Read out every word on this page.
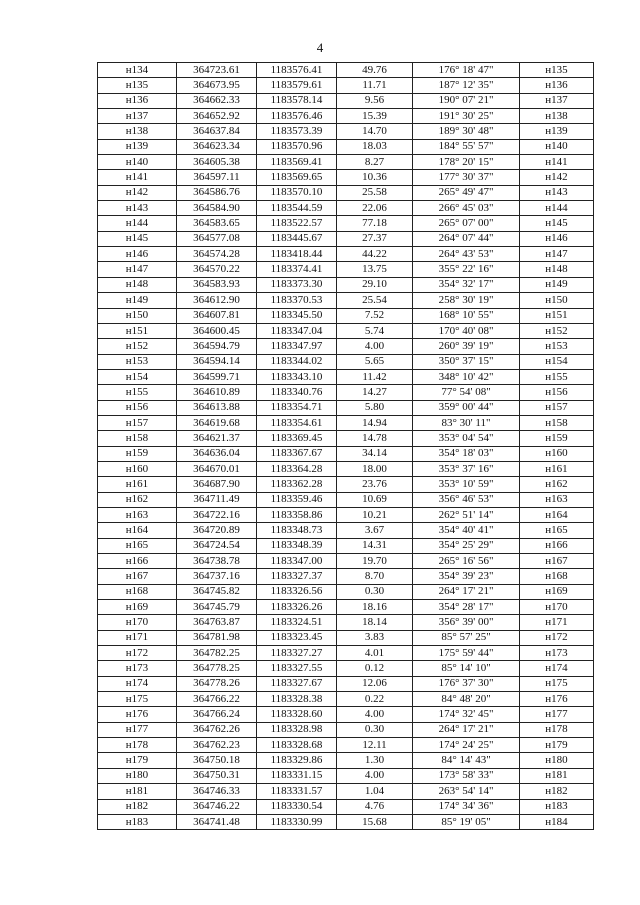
4
н134	364723.61	1183576.41	49.76	176° 18' 47"	н135
н135	364673.95	1183579.61	11.71	187° 12' 35"	н136
н136	364662.33	1183578.14	9.56	190° 07' 21"	н137
н137	364652.92	1183576.46	15.39	191° 30' 25"	н138
н138	364637.84	1183573.39	14.70	189° 30' 48"	н139
н139	364623.34	1183570.96	18.03	184° 55' 57"	н140
н140	364605.38	1183569.41	8.27	178° 20' 15"	н141
н141	364597.11	1183569.65	10.36	177° 30' 37"	н142
н142	364586.76	1183570.10	25.58	265° 49' 47"	н143
н143	364584.90	1183544.59	22.06	266° 45' 03"	н144
н144	364583.65	1183522.57	77.18	265° 07' 00"	н145
н145	364577.08	1183445.67	27.37	264° 07' 44"	н146
н146	364574.28	1183418.44	44.22	264° 43' 53"	н147
н147	364570.22	1183374.41	13.75	355° 22' 16"	н148
н148	364583.93	1183373.30	29.10	354° 32' 17"	н149
н149	364612.90	1183370.53	25.54	258° 30' 19"	н150
н150	364607.81	1183345.50	7.52	168° 10' 55"	н151
н151	364600.45	1183347.04	5.74	170° 40' 08"	н152
н152	364594.79	1183347.97	4.00	260° 39' 19"	н153
н153	364594.14	1183344.02	5.65	350° 37' 15"	н154
н154	364599.71	1183343.10	11.42	348° 10' 42"	н155
н155	364610.89	1183340.76	14.27	77° 54' 08"	н156
н156	364613.88	1183354.71	5.80	359° 00' 44"	н157
н157	364619.68	1183354.61	14.94	83° 30' 11"	н158
н158	364621.37	1183369.45	14.78	353° 04' 54"	н159
н159	364636.04	1183367.67	34.14	354° 18' 03"	н160
н160	364670.01	1183364.28	18.00	353° 37' 16"	н161
н161	364687.90	1183362.28	23.76	353° 10' 59"	н162
н162	364711.49	1183359.46	10.69	356° 46' 53"	н163
н163	364722.16	1183358.86	10.21	262° 51' 14"	н164
н164	364720.89	1183348.73	3.67	354° 40' 41"	н165
н165	364724.54	1183348.39	14.31	354° 25' 29"	н166
н166	364738.78	1183347.00	19.70	265° 16' 56"	н167
н167	364737.16	1183327.37	8.70	354° 39' 23"	н168
н168	364745.82	1183326.56	0.30	264° 17' 21"	н169
н169	364745.79	1183326.26	18.16	354° 28' 17"	н170
н170	364763.87	1183324.51	18.14	356° 39' 00"	н171
н171	364781.98	1183323.45	3.83	85° 57' 25"	н172
н172	364782.25	1183327.27	4.01	175° 59' 44"	н173
н173	364778.25	1183327.55	0.12	85° 14' 10"	н174
н174	364778.26	1183327.67	12.06	176° 37' 30"	н175
н175	364766.22	1183328.38	0.22	84° 48' 20"	н176
н176	364766.24	1183328.60	4.00	174° 32' 45"	н177
н177	364762.26	1183328.98	0.30	264° 17' 21"	н178
н178	364762.23	1183328.68	12.11	174° 24' 25"	н179
н179	364750.18	1183329.86	1.30	84° 14' 43"	н180
н180	364750.31	1183331.15	4.00	173° 58' 33"	н181
н181	364746.33	1183331.57	1.04	263° 54' 14"	н182
н182	364746.22	1183330.54	4.76	174° 34' 36"	н183
н183	364741.48	1183330.99	15.68	85° 19' 05"	н184
